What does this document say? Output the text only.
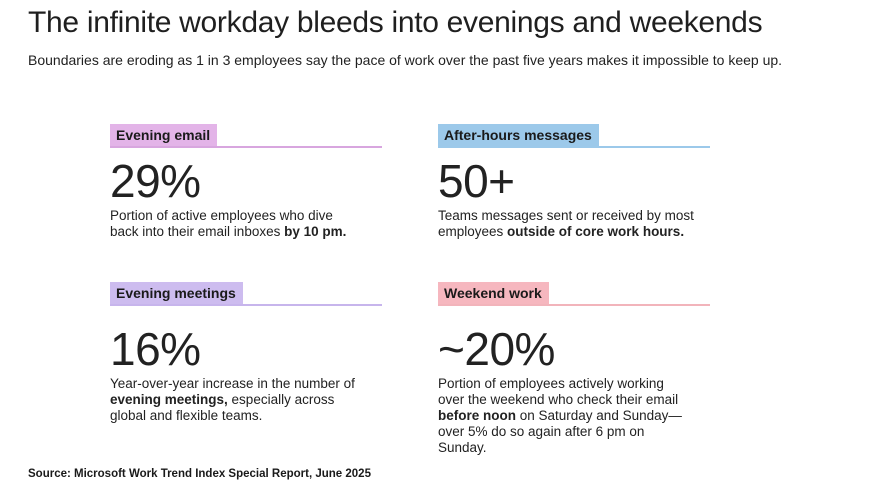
The infinite workday bleeds into evenings and weekends
Boundaries are eroding as 1 in 3 employees say the pace of work over the past five years makes it impossible to keep up.
Evening email
29%
Portion of active employees who dive back into their email inboxes by 10 pm.
After-hours messages
50+
Teams messages sent or received by most employees outside of core work hours.
Evening meetings
16%
Year-over-year increase in the number of evening meetings, especially across global and flexible teams.
Weekend work
~20%
Portion of employees actively working over the weekend who check their email before noon on Saturday and Sunday—over 5% do so again after 6 pm on Sunday.
Source: Microsoft Work Trend Index Special Report, June 2025
